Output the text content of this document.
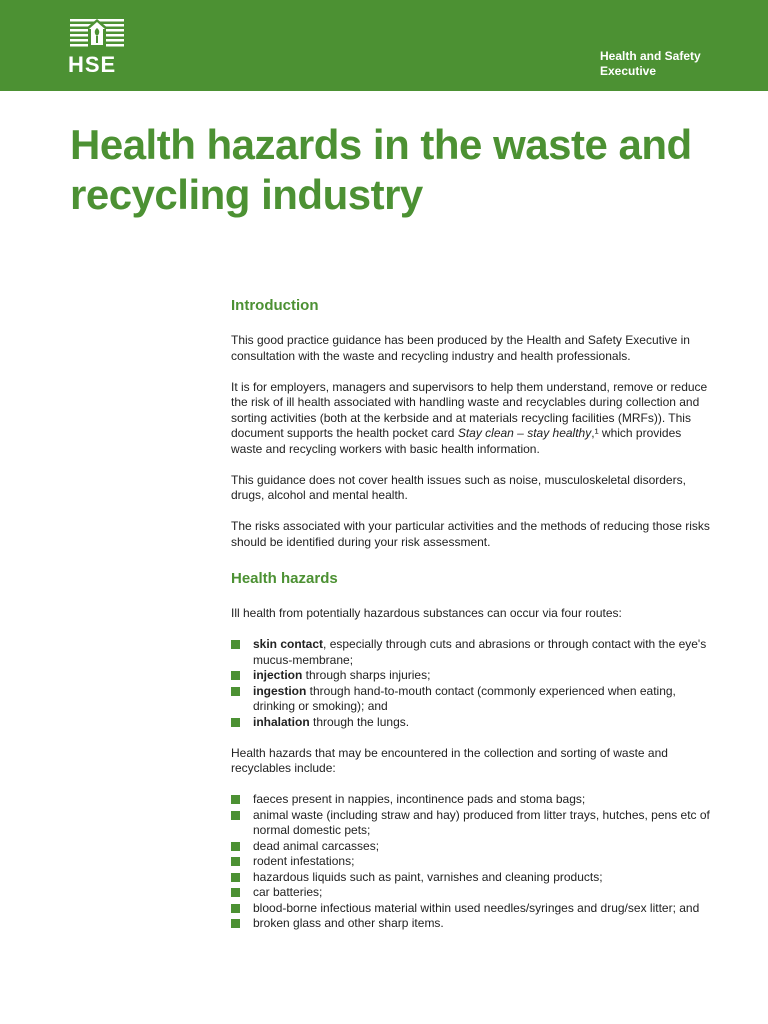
HSE	Health and Safety
Executive
Health hazards in the waste and
recycling industry
Introduction

This good practice guidance has been produced by the Health and Safety Executive in consultation with the waste and recycling industry and health professionals.

It is for employers, managers and supervisors to help them understand, remove or reduce the risk of ill health associated with handling waste and recyclables during collection and sorting activities (both at the kerbside and at materials recycling facilities (MRFs)). This document supports the health pocket card Stay clean – stay healthy,¹ which provides waste and recycling workers with basic health information.

This guidance does not cover health issues such as noise, musculoskeletal disorders, drugs, alcohol and mental health.

The risks associated with your particular activities and the methods of reducing those risks should be identified during your risk assessment.

Health hazards

Ill health from potentially hazardous substances can occur via four routes:

skin contact, especially through cuts and abrasions or through contact with the eye's mucus-membrane;
injection through sharps injuries;
ingestion through hand-to-mouth contact (commonly experienced when eating, drinking or smoking); and
inhalation through the lungs.

Health hazards that may be encountered in the collection and sorting of waste and recyclables include:

faeces present in nappies, incontinence pads and stoma bags;
animal waste (including straw and hay) produced from litter trays, hutches, pens etc of normal domestic pets;
dead animal carcasses;
rodent infestations;
hazardous liquids such as paint, varnishes and cleaning products;
car batteries;
blood-borne infectious material within used needles/syringes and drug/sex litter; and
broken glass and other sharp items.
